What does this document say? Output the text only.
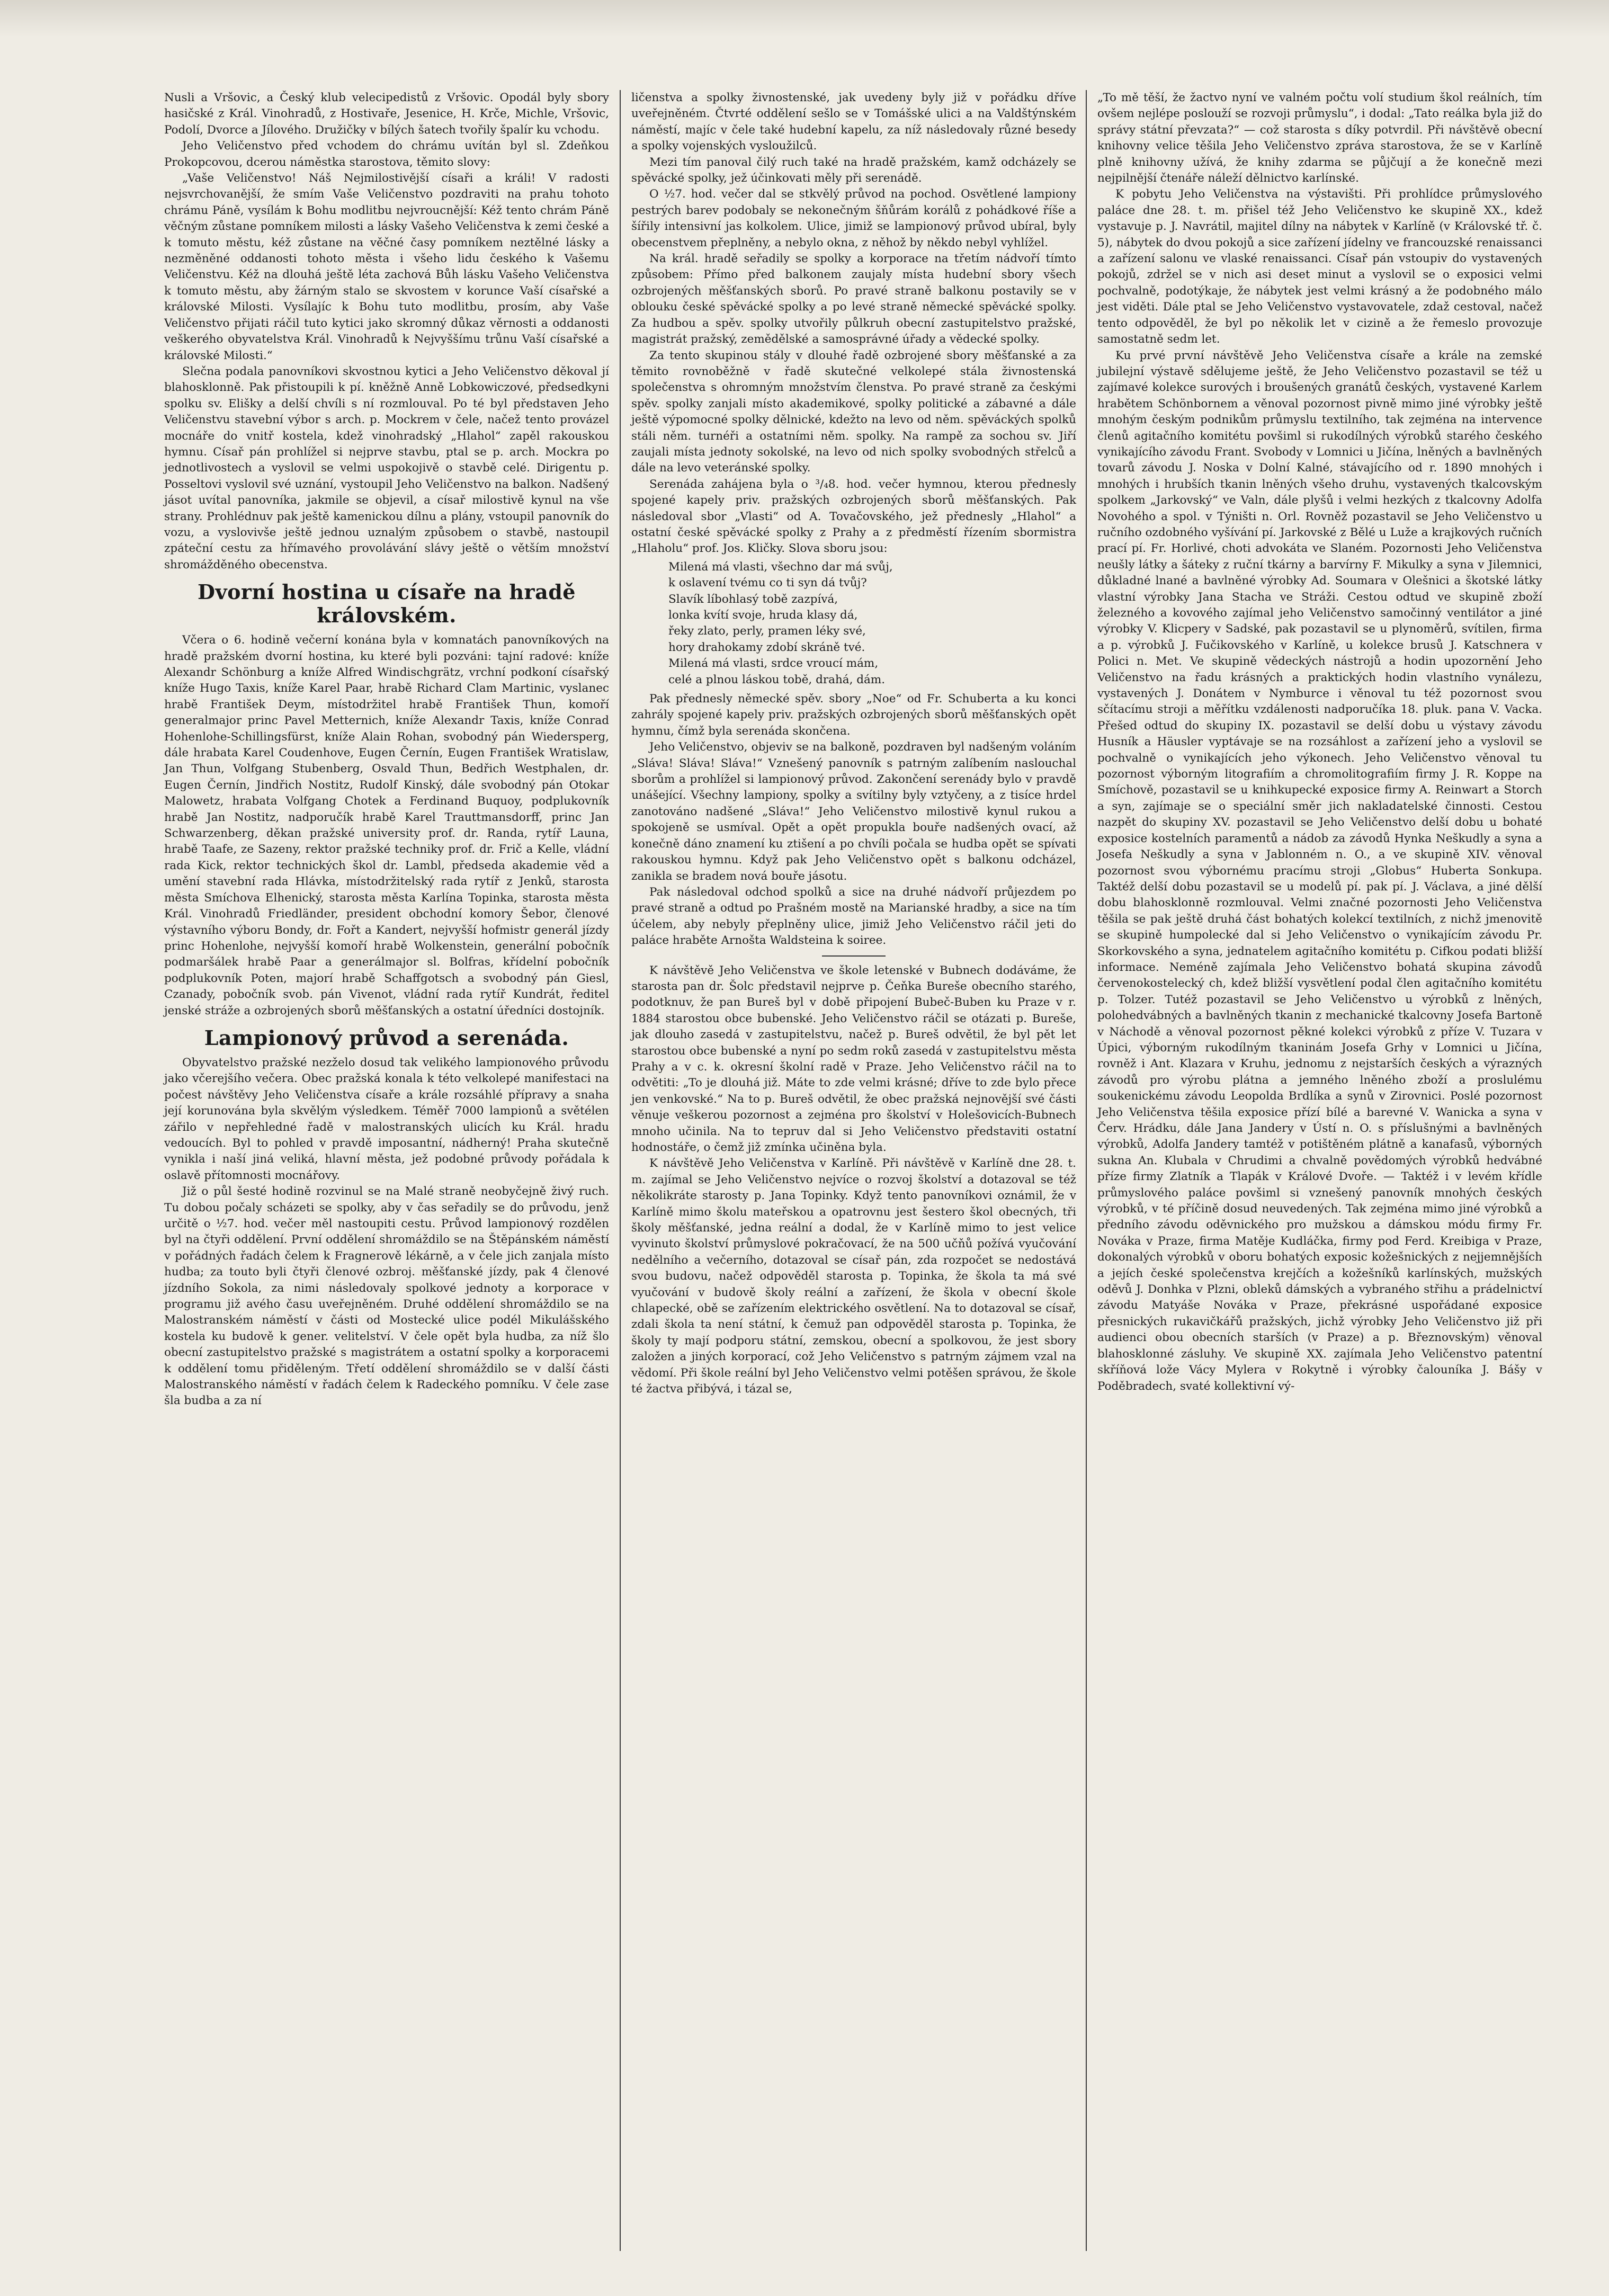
Nusli a Vršovic, a Český klub velecipedistů z Vršovic. Opodál byly sbory hasičské z Král. Vinohradů, z Hostivaře, Jesenice, H. Krče, Michle, Vršovic, Podolí, Dvorce a Jílového. Družičky v bílých šatech tvořily špalír ku vchodu.

Jeho Veličenstvo před vchodem do chrámu uvítán byl sl. Zdeňkou Prokopcovou, dcerou náměstka starostova, těmito slovy:

„Vaše Veličenstvo! Náš Nejmilostivější císaři a králi! V radosti nejsvrchovanější, že smím Vaše Veličenstvo pozdraviti na prahu tohoto chrámu Páně, vysílám k Bohu modlitbu nejvroucnější: Kéž tento chrám Páně věčným zůstane pomníkem milosti a lásky Vašeho Veličenstva k zemi české a k tomuto městu, kéž zůstane na věčné časy pomníkem neztělné lásky a nezměněné oddanosti tohoto města i všeho lidu českého k Vašemu Veličenstvu. Kéž na dlouhá ještě léta zachová Bůh lásku Vašeho Veličenstva k tomuto městu, aby žárným stalo se skvostem v korunce Vaší císařské a královské Milosti. Vysílajíc k Bohu tuto modlitbu, prosím, aby Vaše Veličenstvo přijati ráčil tuto kytici jako skromný důkaz věrnosti a oddanosti veškerého obyvatelstva Král. Vinohradů k Nejvyššímu trůnu Vaší císařské a královské Milosti.“

Slečna podala panovníkovi skvostnou kytici a Jeho Veličenstvo děkoval jí blahosklonně. Pak přistoupili k pí. kněžně Anně Lobkowiczové, předsedkyni spolku sv. Elišky a delší chvíli s ní rozmlouval. Po té byl představen Jeho Veličenstvu stavební výbor s arch. p. Mockrem v čele, načež tento provázel mocnáře do vnitř kostela, kdež vinohradský „Hlahol“ zapěl rakouskou hymnu. Císař pán prohlížel si nejprve stavbu, ptal se p. arch. Mockra po jednotlivostech a vyslovil se velmi uspokojivě o stavbě celé. Dirigentu p. Posseltovi vyslovil své uznání, vystoupil Jeho Veličenstvo na balkon. Nadšený jásot uvítal panovníka, jakmile se objevil, a císař milostivě kynul na vše strany. Prohlédnuv pak ještě kamenickou dílnu a plány, vstoupil panovník do vozu, a vyslovivše ještě jednou uznalým způsobem o stavbě, nastoupil zpáteční cestu za hřímavého provolávání slávy ještě o větším množství shromážděného obecenstva.

Dvorní hostina u císaře na hradě královském.

Včera o 6. hodině večerní konána byla v komnatách panovníkových na hradě pražském dvorní hostina, ku které byli pozváni: tajní radové: kníže Alexandr Schönburg a kníže Alfred Windischgrätz, vrchní podkoní císařský kníže Hugo Taxis, kníže Karel Paar, hrabě Richard Clam Martinic, vyslanec hrabě František Deym, místodržitel hrabě František Thun, komoří generalmajor princ Pavel Metternich, kníže Alexandr Taxis, kníže Conrad Hohenlohe-Schillingsfürst, kníže Alain Rohan, svobodný pán Wiedersperg, dále hrabata Karel Coudenhove, Eugen Černín, Eugen František Wratislaw, Jan Thun, Volfgang Stubenberg, Osvald Thun, Bedřich Westphalen, dr. Eugen Černín, Jindřich Nostitz, Rudolf Kinský, dále svobodný pán Otokar Malowetz, hrabata Volfgang Chotek a Ferdinand Buquoy, podplukovník hrabě Jan Nostitz, nadporučík hrabě Karel Trauttmansdorff, princ Jan Schwarzenberg, děkan pražské university prof. dr. Randa, rytíř Launa, hrabě Taafe, ze Sazeny, rektor pražské techniky prof. dr. Frič a Kelle, vládní rada Kick, rektor technických škol dr. Lambl, předseda akademie věd a umění stavební rada Hlávka, místodržitelský rada rytíř z Jenků, starosta města Smíchova Elhenický, starosta města Karlína Topinka, starosta města Král. Vinohradů Friedländer, president obchodní komory Šebor, členové výstavního výboru Bondy, dr. Fořt a Kandert, nejvyšší hofmistr generál jízdy princ Hohenlohe, nejvyšší komoří hrabě Wolkenstein, generální pobočník podmaršálek hrabě Paar a generálmajor sl. Bolfras, křídelní pobočník podplukovník Poten, majorí hrabě Schaffgotsch a svobodný pán Giesl, Czanady, pobočník svob. pán Vivenot, vládní rada rytíř Kundrát, ředitel jenské stráže a ozbrojených sborů měšťanských a ostatní úředníci dostojník.

Lampionový průvod a serenáda.

Obyvatelstvo pražské nezželo dosud tak velikého lampionového průvodu jako včerejšího večera. Obec pražská konala k této velkolepé manifestaci na počest návštěvy Jeho Veličenstva císaře a krále rozsáhlé přípravy a snaha její korunována byla skvělým výsledkem. Téměř 7000 lampionů a světélen zářilo v nepřehledné řadě v malostranských ulicích ku Král. hradu vedoucích. Byl to pohled v pravdě imposantní, nádherný! Praha skutečně vynikla i naší jiná veliká, hlavní města, jež podobné průvody pořádala k oslavě přítomnosti mocnářovy.

Již o půl šesté hodině rozvinul se na Malé straně neobyčejně živý ruch. Tu dobou počaly scházeti se spolky, aby v čas seřadily se do průvodu, jenž určitě o ½7. hod. večer měl nastoupiti cestu. Průvod lampionový rozdělen byl na čtyři oddělení. První oddělení shromáždilo se na Štěpánském náměstí v pořádných řadách čelem k Fragnerově lékárně, a v čele jich zanjala místo hudba; za touto byli čtyři členové ozbroj. měšťanské jízdy, pak 4 členové jízdního Sokola, za nimi následovaly spolkové jednoty a korporace v programu již avého času uveřejněném. Druhé oddělení shromáždilo se na Malostranském náměstí v části od Mostecké ulice podél Mikulášského kostela ku budově k gener. velitelství. V čele opět byla hudba, za níž šlo obecní zastupitelstvo pražské s magistrátem a ostatní spolky a korporacemi k oddělení tomu přiděleným. Třetí oddělení shromáždilo se v další části Malostranského náměstí v řadách čelem k Radeckého pomníku. V čele zase šla budba a za ní

ličenstva a spolky živnostenské, jak uvedeny byly již v pořádku dříve uveřejněném. Čtvrté oddělení sešlo se v Tomášské ulici a na Valdštýnském náměstí, majíc v čele také hudební kapelu, za níž následovaly různé besedy a spolky vojenských vysloužilců.

Mezi tím panoval čilý ruch také na hradě pražském, kamž odcházely se spěvácké spolky, jež účinkovati měly při serenádě.

O ½7. hod. večer dal se stkvělý průvod na pochod. Osvětlené lampiony pestrých barev podobaly se nekonečným šňůrám korálů z pohádkové říše a šířily intensivní jas kolkolem. Ulice, jimiž se lampionový průvod ubíral, byly obecenstvem přeplněny, a nebylo okna, z něhož by někdo nebyl vyhlížel.

Na král. hradě seřadily se spolky a korporace na třetím nádvoří tímto způsobem: Přímo před balkonem zaujaly místa hudební sbory všech ozbrojených měšťanských sborů. Po pravé straně balkonu postavily se v oblouku české spěvácké spolky a po levé straně německé spěvácké spolky. Za hudbou a spěv. spolky utvořily půlkruh obecní zastupitelstvo pražské, magistrát pražský, zemědělské a samosprávné úřady a vědecké spolky.

Za tento skupinou stály v dlouhé řadě ozbrojené sbory měšťanské a za těmito rovnoběžně v řadě skutečné velkolepé stála živnostenská společenstva s ohromným množstvím členstva. Po pravé straně za českými spěv. spolky zanjali místo akademikové, spolky politické a zábavné a dále ještě výpomocné spolky dělnické, kdežto na levo od něm. spěváckých spolků stáli něm. turnéři a ostatními něm. spolky. Na rampě za sochou sv. Jiří zaujali místa jednoty sokolské, na levo od nich spolky svobodných střelců a dále na levo veteránské spolky.

Serenáda zahájena byla o ³/₄8. hod. večer hymnou, kterou přednesly spojené kapely priv. pražských ozbrojených sborů měšťanských. Pak následoval sbor „Vlasti“ od A. Tovačovského, jež přednesly „Hlahol“ a ostatní české spěvácké spolky z Prahy a z předměstí řízením sbormistra „Hlaholu“ prof. Jos. Kličky. Slova sboru jsou:

Milená má vlasti, všechno dar má svůj,
k oslavení tvému co ti syn dá tvůj?
Slavík líbohlasý tobě zazpívá,
lonka kvítí svoje, hruda klasy dá,
řeky zlato, perly, pramen léky své,
hory drahokamy zdobí skráně tvé.
Milená má vlasti, srdce vroucí mám,
celé a plnou láskou tobě, drahá, dám.

Pak přednesly německé spěv. sbory „Noe“ od Fr. Schuberta a ku konci zahrály spojené kapely priv. pražských ozbrojených sborů měšťanských opět hymnu, čímž byla serenáda skončena.

Jeho Veličenstvo, objeviv se na balkoně, pozdraven byl nadšeným voláním „Sláva! Sláva! Sláva!“ Vznešený panovník s patrným zalíbením naslouchal sborům a prohlížel si lampionový průvod. Zakončení serenády bylo v pravdě unášející. Všechny lampiony, spolky a svítilny byly vztyčeny, a z tisíce hrdel zanotováno nadšené „Sláva!“ Jeho Veličenstvo milostivě kynul rukou a spokojeně se usmíval. Opět a opět propukla bouře nadšených ovací, až konečně dáno znamení ku ztišení a po chvíli počala se hudba opět se spívati rakouskou hymnu. Když pak Jeho Veličenstvo opět s balkonu odcházel, zanikla se bradem nová bouře jásotu.

Pak následoval odchod spolků a sice na druhé nádvoří průjezdem po pravé straně a odtud po Prašném mostě na Marianské hradby, a sice na tím účelem, aby nebyly přeplněny ulice, jimiž Jeho Veličenstvo ráčil jeti do paláce hraběte Arnošta Waldsteina k soiree.

K návštěvě Jeho Veličenstva ve škole letenské v Bubnech dodáváme, že starosta pan dr. Šolc představil nejprve p. Čeňka Bureše obecního starého, podotknuv, že pan Bureš byl v době připojení Bubeč-Buben ku Praze v r. 1884 starostou obce bubenské. Jeho Veličenstvo ráčil se otázati p. Bureše, jak dlouho zasedá v zastupitelstvu, načež p. Bureš odvětil, že byl pět let starostou obce bubenské a nyní po sedm roků zasedá v zastupitelstvu města Prahy a v c. k. okresní školní radě v Praze. Jeho Veličenstvo ráčil na to odvětiti: „To je dlouhá již. Máte to zde velmi krásné; dříve to zde bylo přece jen venkovské.“ Na to p. Bureš odvětil, že obec pražská nejnovější své části věnuje veškerou pozornost a zejména pro školství v Holešovicích-Bubnech mnoho učinila. Na to tepruv dal si Jeho Veličenstvo představiti ostatní hodnostáře, o čemž již zmínka učiněna byla.

K návštěvě Jeho Veličenstva v Karlíně. Při návštěvě v Karlíně dne 28. t. m. zajímal se Jeho Veličenstvo nejvíce o rozvoj školství a dotazoval se též několikráte starosty p. Jana Topinky. Když tento panovníkovi oznámil, že v Karlíně mimo školu mateřskou a opatrovnu jest šestero škol obecných, tři školy měšťanské, jedna reální a dodal, že v Karlíně mimo to jest velice vyvinuto školství průmyslové pokračovací, že na 500 učňů požívá vyučování nedělního a večerního, dotazoval se císař pán, zda rozpočet se nedostává svou budovu, načež odpověděl starosta p. Topinka, že škola ta má své vyučování v budově školy reální a zařízení, že škola v obecní škole chlapecké, obě se zařízením elektrického osvětlení. Na to dotazoval se císař, zdali škola ta není státní, k čemuž pan odpověděl starosta p. Topinka, že školy ty mají podporu státní, zemskou, obecní a spolkovou, že jest sbory založen a jiných korporací, což Jeho Veličenstvo s patrným zájmem vzal na vědomí. Při škole reální byl Jeho Veličenstvo velmi potěšen správou, že škole té žactva přibývá, i tázal se,

„To mě těší, že žactvo nyní ve valném počtu volí studium škol reálních, tím ovšem nejlépe poslouží se rozvoji průmyslu“, i dodal: „Tato reálka byla již do správy státní převzata?“ — což starosta s díky potvrdil. Při návštěvě obecní knihovny velice těšila Jeho Veličenstvo zpráva starostova, že se v Karlíně plně knihovny užívá, že knihy zdarma se půjčují a že konečně mezi nejpilnější čtenáře náleží dělnictvo karlínské.

K pobytu Jeho Veličenstva na výstavišti. Při prohlídce průmyslového paláce dne 28. t. m. přišel též Jeho Veličenstvo ke skupině XX., kdež vystavuje p. J. Navrátil, majitel dílny na nábytek v Karlíně (v Královské tř. č. 5), nábytek do dvou pokojů a sice zařízení jídelny ve francouzské renaissanci a zařízení salonu ve vlaské renaissanci. Císař pán vstoupiv do vystavených pokojů, zdržel se v nich asi deset minut a vyslovil se o exposici velmi pochvalně, podotýkaje, že nábytek jest velmi krásný a že podobného málo jest viděti. Dále ptal se Jeho Veličenstvo vystavovatele, zdaž cestoval, načež tento odpověděl, že byl po několik let v cizině a že řemeslo provozuje samostatně sedm let.

Ku prvé první návštěvě Jeho Veličenstva císaře a krále na zemské jubilejní výstavě sdělujeme ještě, že Jeho Veličenstvo pozastavil se též u zajímavé kolekce surových i broušených granátů českých, vystavené Karlem hrabětem Schönbornem a věnoval pozornost pivně mimo jiné výrobky ještě mnohým českým podnikům průmyslu textilního, tak zejména na intervence členů agitačního komitétu povšiml si rukodílných výrobků starého českého vynikajícího závodu Frant. Svobody v Lomnici u Jičína, lněných a bavlněných tovarů závodu J. Noska v Dolní Kalné, stávajícího od r. 1890 mnohých i mnohých i hrubších tkanin lněných všeho druhu, vystavených tkalcovským spolkem „Jarkovský“ ve Valn, dále plyšů i velmi hezkých z tkalcovny Adolfa Novohého a spol. v Týništi n. Orl. Rovněž pozastavil se Jeho Veličenstvo u ručního ozdobného vyšívání pí. Jarkovské z Bělé u Luže a krajkových ručních prací pí. Fr. Horlivé, choti advokáta ve Slaném. Pozornosti Jeho Veličenstva neušly látky a šáteky z ruční tkárny a barvírny F. Mikulky a syna v Jilemnici, důkladné lnané a bavlněné výrobky Ad. Soumara v Olešnici a škotské látky vlastní výrobky Jana Stacha ve Stráži. Cestou odtud ve skupině zboží železného a kovového zajímal jeho Veličenstvo samočinný ventilátor a jiné výrobky V. Klicpery v Sadské, pak pozastavil se u plynoměrů, svítilen, firma a p. výrobků J. Fučikovského v Karlíně, u kolekce brusů J. Katschnera v Polici n. Met. Ve skupině vědeckých nástrojů a hodin upozornění Jeho Veličenstvo na řadu krásných a praktických hodin vlastního vynálezu, vystavených J. Donátem v Nymburce i věnoval tu též pozornost svou sčítacímu stroji a měřítku vzdálenosti nadporučíka 18. pluk. pana V. Vacka. Přešed odtud do skupiny IX. pozastavil se delší dobu u výstavy závodu Husník a Häusler vyptávaje se na rozsáhlost a zařízení jeho a vyslovil se pochvalně o vynikajících jeho výkonech. Jeho Veličenstvo věnoval tu pozornost výborným litografiím a chromolitografiím firmy J. R. Koppe na Smíchově, pozastavil se u knihkupecké exposice firmy A. Reinwart a Storch a syn, zajímaje se o speciální směr jich nakladatelské činnosti. Cestou nazpět do skupiny XV. pozastavil se Jeho Veličenstvo delší dobu u bohaté exposice kostelních paramentů a nádob za závodů Hynka Neškudly a syna a Josefa Neškudly a syna v Jablonném n. O., a ve skupině XIV. věnoval pozornost svou výbornému pracímu stroji „Globus“ Huberta Sonkupa. Taktéž delší dobu pozastavil se u modelů pí. pak pí. J. Václava, a jiné dělší dobu blahosklonně rozmlouval. Velmi značné pozornosti Jeho Veličenstva těšila se pak ještě druhá část bohatých kolekcí textilních, z nichž jmenovitě se skupině humpolecké dal si Jeho Veličenstvo o vynikajícím závodu Pr. Skorkovského a syna, jednatelem agitačního komitétu p. Cifkou podati bližší informace. Neméně zajímala Jeho Veličenstvo bohatá skupina závodů červenokostelecký ch, kdež bližší vysvětlení podal člen agitačního komitétu p. Tolzer. Tutéž pozastavil se Jeho Veličenstvo u výrobků z lněných, polohedvábných a bavlněných tkanin z mechanické tkalcovny Josefa Bartoně v Náchodě a věnoval pozornost pěkné kolekci výrobků z příze V. Tuzara v Úpici, výborným rukodílným tkaninám Josefa Grhy v Lomnici u Jičína, rovněž i Ant. Klazara v Kruhu, jednomu z nejstarších českých a výrazných závodů pro výrobu plátna a jemného lněného zboží a proslulému soukenickému závodu Leopolda Brdlíka a synů v Zirovnici. Poslé pozornost Jeho Veličenstva těšila exposice přízí bílé a barevné V. Wanicka a syna v Červ. Hrádku, dále Jana Jandery v Ústí n. O. s příslušnými a bavlněných výrobků, Adolfa Jandery tamtéž v potištěném plátně a kanafasů, výborných sukna An. Klubala v Chrudimi a chvalně povědomých výrobků hedvábné příze firmy Zlatník a Tlapák v Králové Dvoře. — Taktéž i v levém křídle průmyslového paláce povšiml si vznešený panovník mnohých českých výrobků, v té příčině dosud neuvedených. Tak zejména mimo jiné výrobků a předního závodu oděvnického pro mužskou a dámskou módu firmy Fr. Nováka v Praze, firma Matěje Kudláčka, firmy pod Ferd. Kreibiga v Praze, dokonalých výrobků v oboru bohatých exposic kožešnických z nejjemnějších a jejích české společenstva krejčích a kožešníků karlínských, mužských oděvů J. Donhka v Plzni, obleků dámských a vybraného střihu a prádelnictví závodu Matyáše Nováka v Praze, překrásné uspořádané exposice přesnických rukavičkářů pražských, jichž výrobky Jeho Veličenstvo již při audienci obou obecních starších (v Praze) a p. Březnovským) věnoval blahosklonné zásluhy. Ve skupině XX. zajímala Jeho Veličenstvo patentní skříňová lože Vácy Mylera v Rokytně i výrobky čalouníka J. Bášy v Poděbradech, svaté kollektivní vý-
